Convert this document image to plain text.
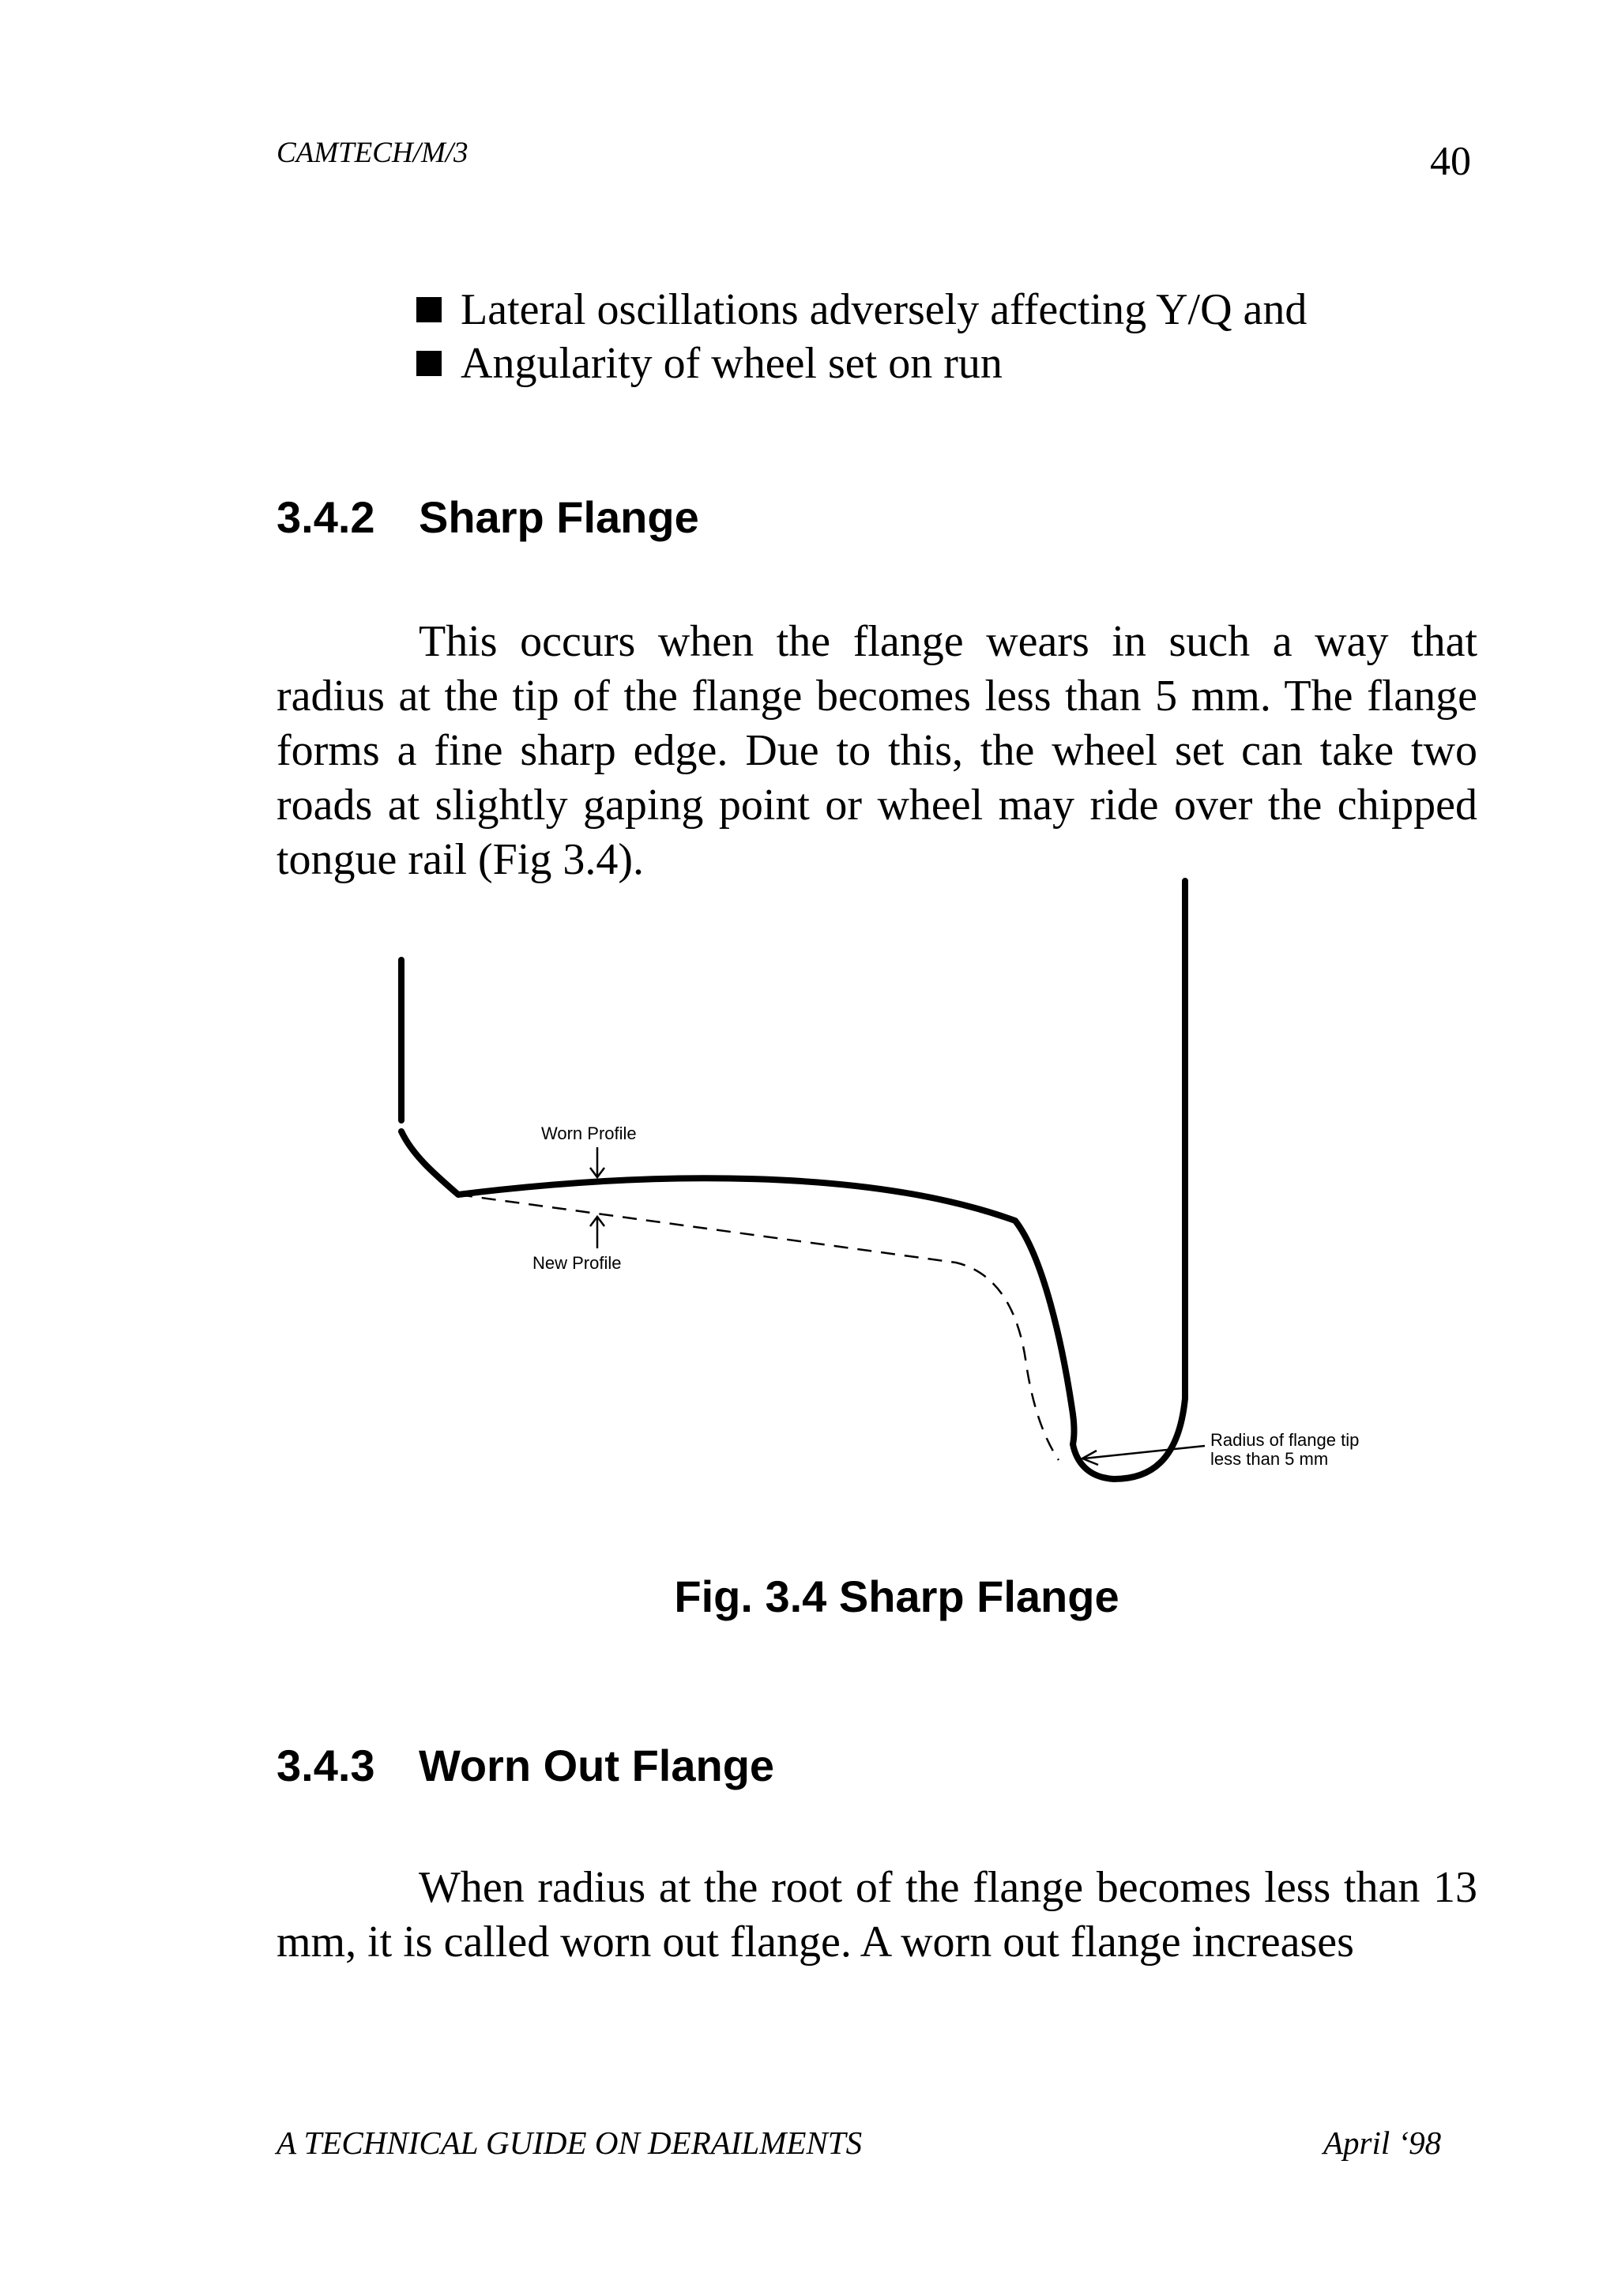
CAMTECH/M/3	40
Lateral oscillations adversely affecting Y/Q and
Angularity of wheel set on run
3.4.2 Sharp Flange

This occurs when the flange wears in such a way that radius at the tip of the flange becomes less than 5 mm. The flange forms a fine sharp edge. Due to this, the wheel set can take two roads at slightly gaping point or wheel may ride over the chipped tongue rail (Fig 3.4).

Worn Profile
New Profile
Radius of flange tip
less than 5 mm

Fig. 3.4 Sharp Flange

3.4.3 Worn Out Flange

When radius at the root of the flange becomes less than 13 mm, it is called worn out flange. A worn out flange increases

A TECHNICAL GUIDE ON DERAILMENTS	April ‘98
